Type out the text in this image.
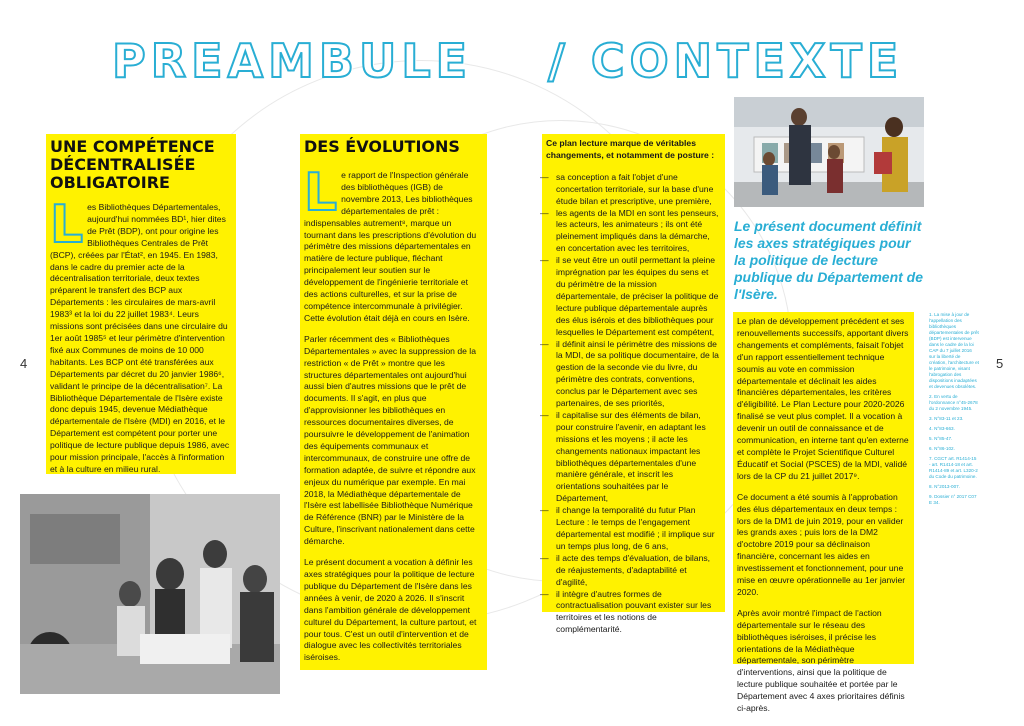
PREAMBULE / CONTEXTE
4	5
UNE COMPÉTENCE DÉCENTRALISÉE OBLIGATOIRE
L es Bibliothèques Départementales, aujourd'hui nommées BD¹, hier dites de Prêt (BDP), ont pour origine les Bibliothèques Centrales de Prêt (BCP), créées par l'État², en 1945. En 1983, dans le cadre du premier acte de la décentralisation territoriale, deux textes préparent le transfert des BCP aux Départements : les circulaires de mars-avril 1983³ et la loi du 22 juillet 1983⁴. Leurs missions sont précisées dans une circulaire du 1er août 1985⁵ et leur périmètre d'intervention fixé aux Communes de moins de 10 000 habitants. Les BCP ont été transférées aux Départements par décret du 20 janvier 1986⁶, validant le principe de la décentralisation⁷. La Bibliothèque Départementale de l'Isère existe donc depuis 1945, devenue Médiathèque départementale de l'Isère (MDI) en 2016, et le Département est compétent pour porter une politique de lecture publique depuis 1986, avec pour mission principale, l'accès à l'information et à la culture en milieu rural.

DES ÉVOLUTIONS
L e rapport de l'Inspection générale des bibliothèques (IGB) de novembre 2013, Les bibliothèques départementales de prêt : indispensables autrement⁸, marque un tournant dans les prescriptions d'évolution du périmètre des missions départementales en matière de lecture publique, fléchant principalement leur soutien sur le développement de l'ingénierie territoriale et des actions culturelles, et sur la prise de compétence intercommunale à privilégier. Cette évolution était déjà en cours en Isère.

Parler récemment des « Bibliothèques Départementales » avec la suppression de la restriction « de Prêt » montre que les structures départementales ont aujourd'hui aussi bien d'autres missions que le prêt de documents. Il s'agit, en plus que d'approvisionner les bibliothèques en ressources documentaires diverses, de poursuivre le développement de l'animation des équipements communaux et intercommunaux, de construire une offre de formation adaptée, de suivre et répondre aux enjeux du numérique par exemple. En mai 2018, la Médiathèque départementale de l'Isère est labellisée Bibliothèque Numérique de Référence (BNR) par le Ministère de la Culture, l'inscrivant nationalement dans cette démarche.

Le présent document a vocation à définir les axes stratégiques pour la politique de lecture publique du Département de l'Isère dans les années à venir, de 2020 à 2026. Il s'inscrit dans l'ambition générale de développement culturel du Département, la culture partout, et pour tous. C'est un outil d'intervention et de dialogue avec les collectivités territoriales iséroises.

Ce plan lecture marque de véritables changements, et notamment de posture :

— sa conception a fait l'objet d'une concertation territoriale, sur la base d'une étude bilan et prescriptive, une première,
— les agents de la MDI en sont les penseurs, les acteurs, les animateurs ; ils ont été pleinement impliqués dans la démarche, en concertation avec les territoires,
— il se veut être un outil permettant la pleine imprégnation par les équipes du sens et du périmètre de la mission départementale, de préciser la politique de lecture publique départementale auprès des élus isérois et des bibliothèques pour lesquelles le Département est compétent,
— il définit ainsi le périmètre des missions de la MDI, de sa politique documentaire, de la gestion de la seconde vie du livre, du périmètre des contrats, conventions, conclus par le Département avec ses partenaires, de ses priorités,
— il capitalise sur des éléments de bilan, pour construire l'avenir, en adaptant les missions et les moyens ; il acte les changements nationaux impactant les bibliothèques départementales d'une manière générale, et inscrit les orientations souhaitées par le Département,
— il change la temporalité du futur Plan Lecture : le temps de l'engagement départemental est modifié ; il implique sur un temps plus long, de 6 ans,
— il acte des temps d'évaluation, de bilans, de réajustements, d'adaptabilité et d'agilité,
— il intègre d'autres formes de contractualisation pouvant exister sur les territoires et les notions de complémentarité.
Le présent document définit les axes stratégiques pour la politique de lecture publique du Département de l'Isère.

Le plan de développement précédent et ses renouvellements successifs, apportant divers changements et compléments, faisait l'objet d'un rapport essentiellement technique soumis au vote en commission départementale et déclinait les aides financières départementales, les critères d'éligibilité. Le Plan Lecture pour 2020-2026 finalisé se veut plus complet. Il a vocation à devenir un outil de connaissance et de communication, en interne tant qu'en externe et complète le Projet Scientifique Culturel Éducatif et Social (PSCES) de la MDI, validé lors de la CP du 21 juillet 2017⁹.

Ce document a été soumis à l'approbation des élus départementaux en deux temps : lors de la DM1 de juin 2019, pour en valider les grands axes ; puis lors de la DM2 d'octobre 2019 pour sa déclinaison financière, concernant les aides en investissement et fonctionnement, pour une mise en œuvre opérationnelle au 1er janvier 2020.

Après avoir montré l'impact de l'action départementale sur le réseau des bibliothèques iséroises, il précise les orientations de la Médiathèque départementale, son périmètre d'interventions, ainsi que la politique de lecture publique souhaitée et portée par le Département avec 4 axes prioritaires définis ci-après.

1. La mise à jour de l'appellation des bibliothèques départementales de prêt (BDP) est intervenue dans le cadre de la loi CAP du 7 juillet 2016 sur la liberté de création, l'architecture et le patrimoine, visant l'abrogation des dispositions inadaptées et devenues obsolètes.
2. En vertu de l'ordonnance n°45-2678 du 2 novembre 1945.
3. N°83-11 et 23.
4. N°83-663.
5. N°85-47.
6. N°86-102.
7. CGCT art. R1414-15 - art. R1414-18 et art. R1414-89 et art. L320-2 du Code du patrimoine.
8. N°2013-007.
9. Dossier n° 2017 C07 E 34.
